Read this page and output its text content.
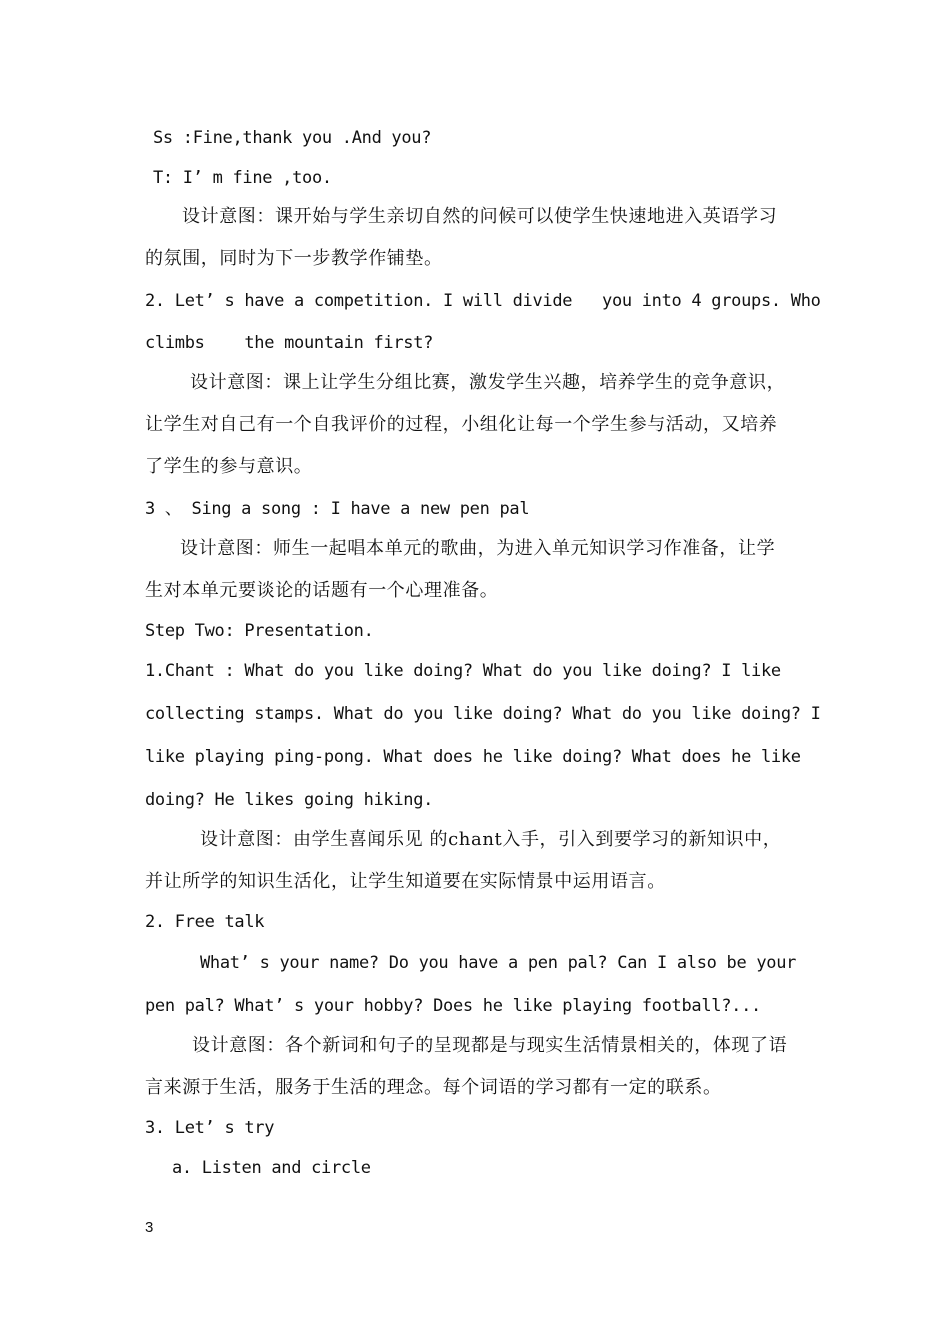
Ss :Fine,thank you .And you?
T: I’ m fine ,too.
设计意图：课开始与学生亲切自然的问候可以使学生快速地进入英语学习
的氛围，同时为下一步教学作铺垫。
2. Let’ s have a competition. I will divide   you into 4 groups. Who
climbs    the mountain first?
设计意图：课上让学生分组比赛，激发学生兴趣，培养学生的竞争意识，
让学生对自己有一个自我评价的过程，小组化让每一个学生参与活动，又培养
了学生的参与意识。
3 、 Sing a song : I have a new pen pal
设计意图：师生一起唱本单元的歌曲，为进入单元知识学习作准备，让学
生对本单元要谈论的话题有一个心理准备。
Step Two: Presentation.
1.Chant : What do you like doing? What do you like doing? I like
collecting stamps. What do you like doing? What do you like doing? I
like playing ping-pong. What does he like doing? What does he like
doing? He likes going hiking.
设计意图：由学生喜闻乐见 的chant入手，引入到要学习的新知识中，
并让所学的知识生活化，让学生知道要在实际情景中运用语言。
2. Free talk
What’ s your name? Do you have a pen pal? Can I also be your
pen pal? What’ s your hobby? Does he like playing football?...
设计意图：各个新词和句子的呈现都是与现实生活情景相关的，体现了语
言来源于生活，服务于生活的理念。每个词语的学习都有一定的联系。
3. Let’ s try
a. Listen and circle
3
